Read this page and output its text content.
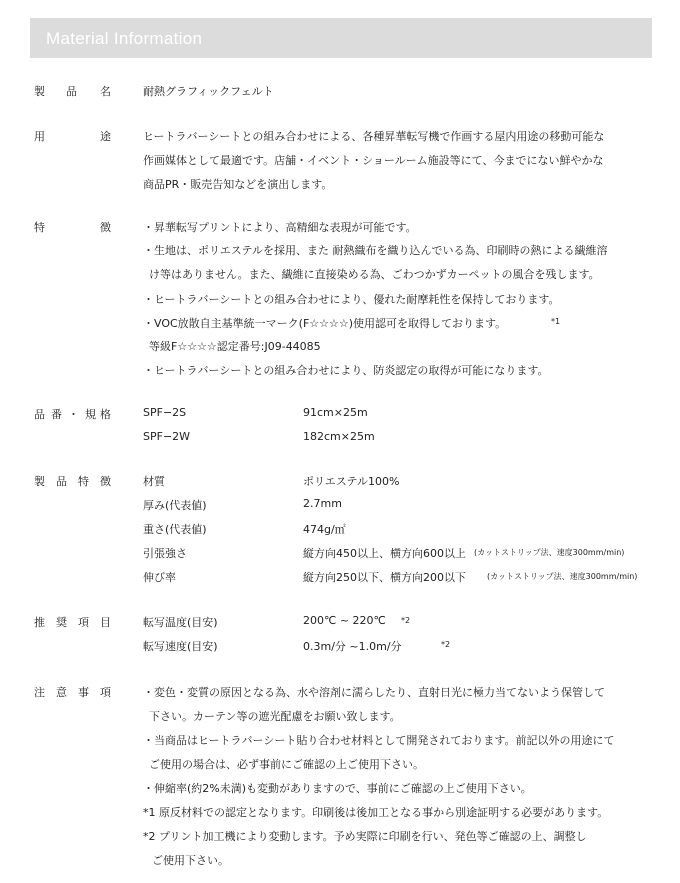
Material Information
製 品 名	耐熱グラフィックフェルト
用	途	ヒートラバーシートとの組み合わせによる、各種昇華転写機で作画する屋内用途の移動可能な
作画媒体として最適です。店舗・イベント・ショールーム施設等にて、今までにない鮮やかな
商品PR・販売告知などを演出します。
特	徴	・昇華転写プリントにより、高精細な表現が可能です。
・生地は、ポリエステルを採用、また 耐熱織布を織り込んでいる為、印刷時の熱による繊維溶
け等はありません。また、繊維に直接染める為、ごわつかずカーペットの風合を残します。
・ヒートラバーシートとの組み合わせにより、優れた耐摩耗性を保持しております。
・VOC放散自主基準統一マーク(F☆☆☆☆)使用認可を取得しております。	*1
等級F☆☆☆☆認定番号:J09-44085
・ヒートラバーシートとの組み合わせにより、防炎認定の取得が可能になります。
品 番 ・ 規 格	SPF−2S	91cm×25m
SPF−2W	182cm×25m
製 品 特 徴	材質	ポリエステル100%
厚み(代表値)	2.7mm
重さ(代表値)	474g/㎡
引張強さ	縦方向450以上、横方向600以上 (カットストリップ法、速度300mm/min)
伸び率	縦方向250以下、横方向200以下	(カットストリップ法、速度300mm/min)
推 奨 項 目	転写温度(目安)	200℃ ~ 220℃ *2
転写速度(目安)	0.3m/分 ~1.0m/分	*2
注 意 事 項	・変色・変質の原因となる為、水や溶剤に濡らしたり、直射日光に極力当てないよう保管して
下さい。カーテン等の遮光配慮をお願い致します。
・当商品はヒートラバーシート貼り合わせ材料として開発されております。前記以外の用途にて
ご使用の場合は、必ず事前にご確認の上ご使用下さい。
・伸縮率(約2%未満)も変動がありますので、事前にご確認の上ご使用下さい。
*1 原反材料での認定となります。印刷後は後加工となる事から別途証明する必要があります。
*2 プリント加工機により変動します。予め実際に印刷を行い、発色等ご確認の上、調整し
ご使用下さい。
